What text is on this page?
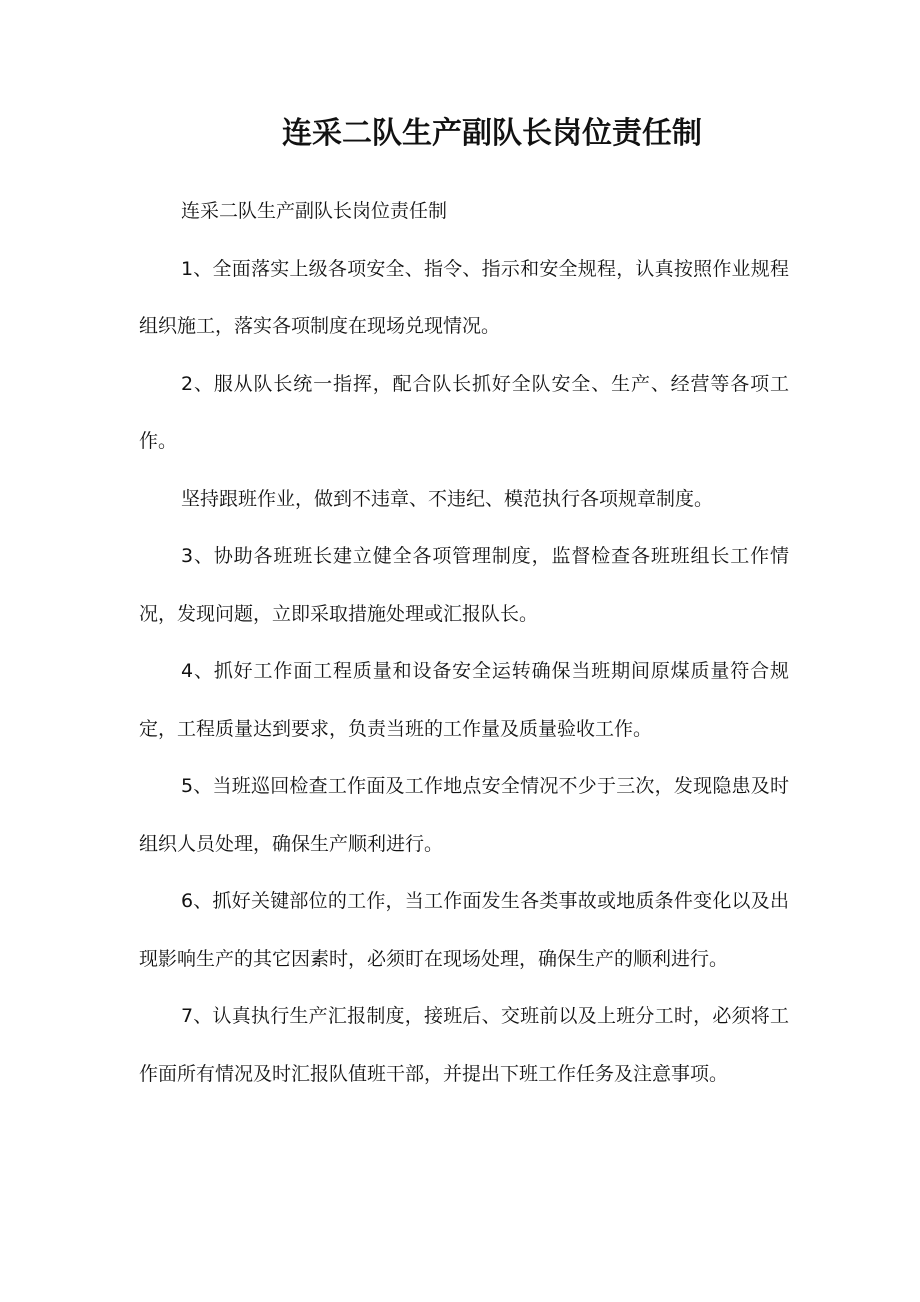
连采二队生产副队长岗位责任制

连采二队生产副队长岗位责任制

1、全面落实上级各项安全、指令、指示和安全规程，认真按照作业规程组织施工，落实各项制度在现场兑现情况。

2、服从队长统一指挥，配合队长抓好全队安全、生产、经营等各项工作。

坚持跟班作业，做到不违章、不违纪、模范执行各项规章制度。

3、协助各班班长建立健全各项管理制度，监督检查各班班组长工作情况，发现问题，立即采取措施处理或汇报队长。

4、抓好工作面工程质量和设备安全运转确保当班期间原煤质量符合规定，工程质量达到要求，负责当班的工作量及质量验收工作。

5、当班巡回检查工作面及工作地点安全情况不少于三次，发现隐患及时组织人员处理，确保生产顺利进行。

6、抓好关键部位的工作，当工作面发生各类事故或地质条件变化以及出现影响生产的其它因素时，必须盯在现场处理，确保生产的顺利进行。

7、认真执行生产汇报制度，接班后、交班前以及上班分工时，必须将工作面所有情况及时汇报队值班干部，并提出下班工作任务及注意事项。
